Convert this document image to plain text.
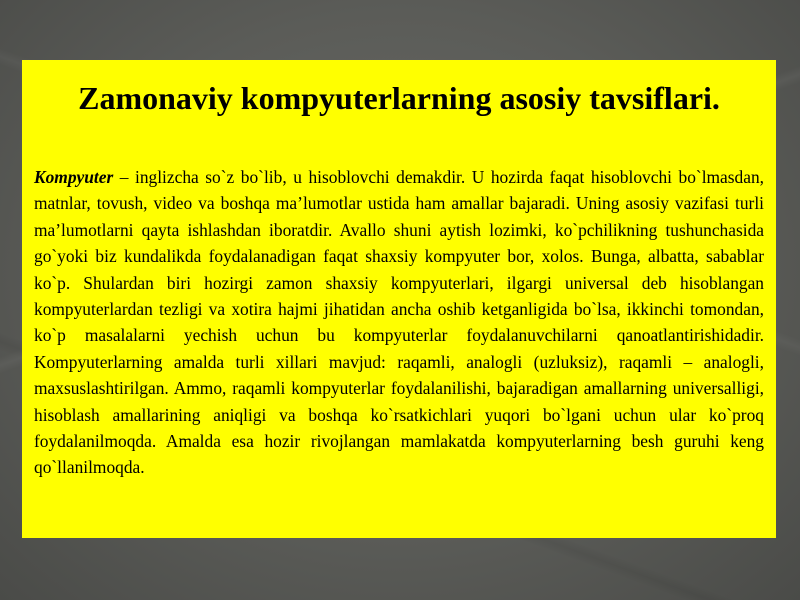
Zamonaviy kompyuterlarning asosiy tavsiflari.

Kompyuter – inglizcha so`z bo`lib, u hisoblovchi demakdir. U hozirda faqat hisoblovchi bo`lmasdan, matnlar, tovush, video va boshqa ma’lumotlar ustida ham amallar bajaradi. Uning asosiy vazifasi turli ma’lumotlarni qayta ishlashdan iboratdir. Avallo shuni aytish lozimki, ko`pchilikning tushunchasida go`yoki biz kundalikda foydalanadigan faqat shaxsiy kompyuter bor, xolos. Bunga, albatta, sabablar ko`p. Shulardan biri hozirgi zamon shaxsiy kompyuterlari, ilgargi universal deb hisoblangan kompyuterlardan tezligi va xotira hajmi jihatidan ancha oshib ketganligida bo`lsa, ikkinchi tomondan, ko`p masalalarni yechish uchun bu kompyuterlar foydalanuvchilarni qanoatlantirishidadir. Kompyuterlarning amalda turli xillari mavjud: raqamli, analogli (uzluksiz), raqamli – analogli, maxsuslashtirilgan. Ammo, raqamli kompyuterlar foydalanilishi, bajaradigan amallarning universalligi, hisoblash amallarining aniqligi va boshqa ko`rsatkichlari yuqori bo`lgani uchun ular ko`proq foydalanilmoqda. Amalda esa hozir rivojlangan mamlakatda kompyuterlarning besh guruhi keng qo`llanilmoqda.
